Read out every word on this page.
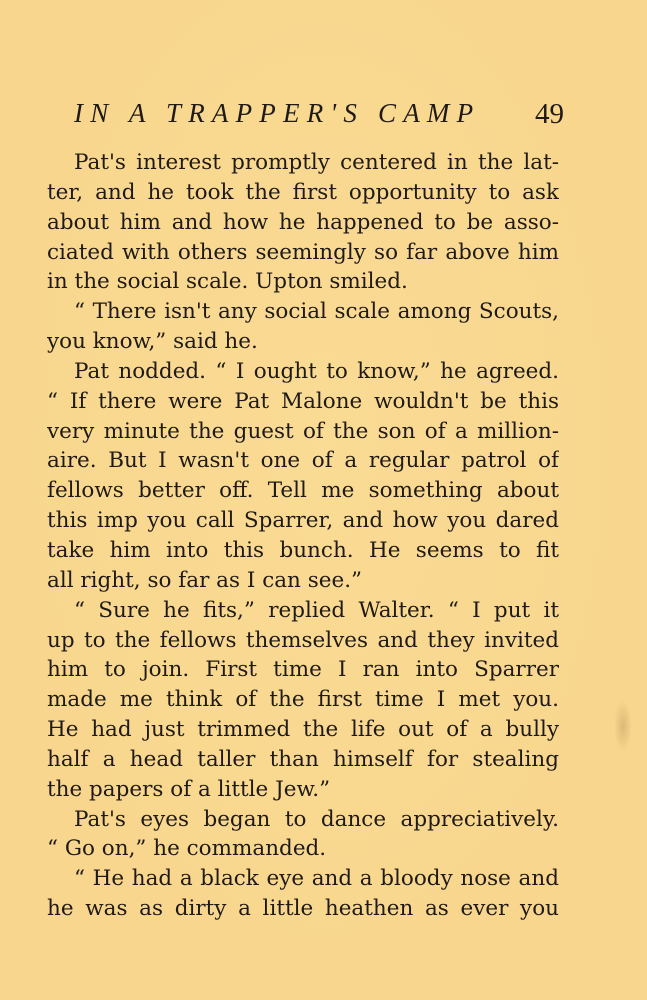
IN A TRAPPER'S CAMP 49
Pat's interest promptly centered in the lat-
ter, and he took the first opportunity to ask
about him and how he happened to be asso-
ciated with others seemingly so far above him
in the social scale. Upton smiled.
“ There isn't any social scale among Scouts,
you know,” said he.
Pat nodded. “ I ought to know,” he agreed.
“ If there were Pat Malone wouldn't be this
very minute the guest of the son of a million-
aire. But I wasn't one of a regular patrol of
fellows better off. Tell me something about
this imp you call Sparrer, and how you dared
take him into this bunch. He seems to fit
all right, so far as I can see.”
“ Sure he fits,” replied Walter. “ I put it
up to the fellows themselves and they invited
him to join. First time I ran into Sparrer
made me think of the first time I met you.
He had just trimmed the life out of a bully
half a head taller than himself for stealing
the papers of a little Jew.”
Pat's eyes began to dance appreciatively.
“ Go on,” he commanded.
“ He had a black eye and a bloody nose and
he was as dirty a little heathen as ever you
